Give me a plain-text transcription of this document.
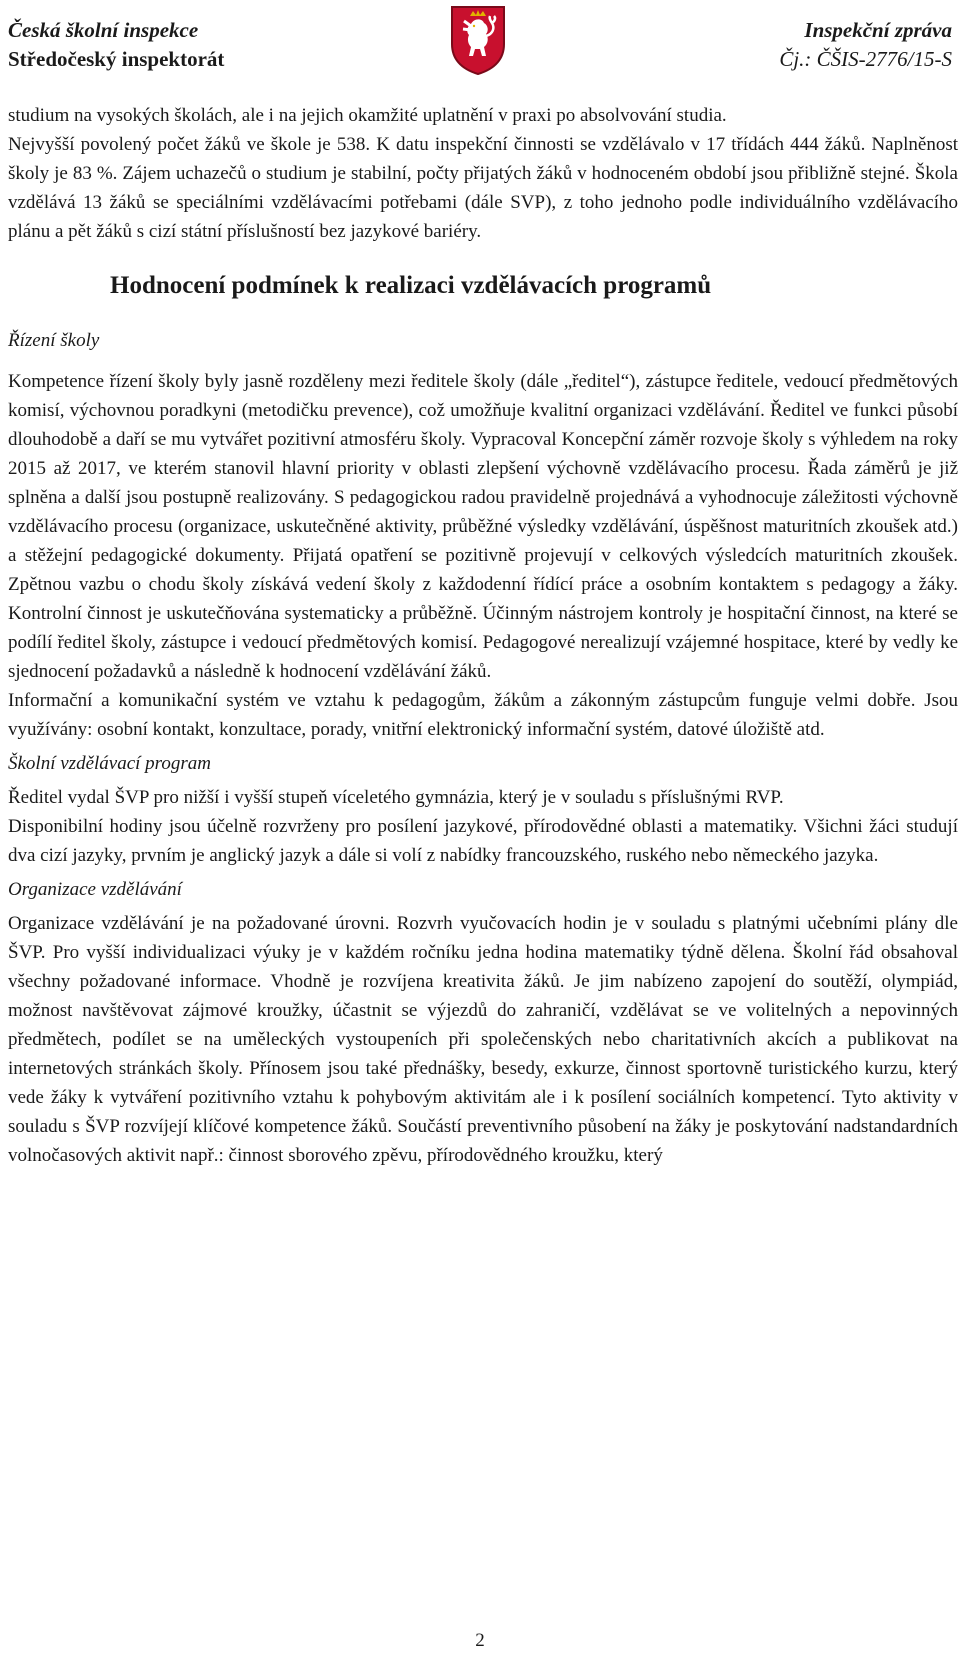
Česká školní inspekce
Středočeský inspektorát
Inspekční zpráva
Čj.: ČŠIS-2776/15-S

studium na vysokých školách, ale i na jejich okamžité uplatnění v praxi po absolvování studia.

Nejvyšší povolený počet žáků ve škole je 538. K datu inspekční činnosti se vzdělávalo v 17 třídách 444 žáků. Naplněnost školy je 83 %. Zájem uchazečů o studium je stabilní, počty přijatých žáků v hodnoceném období jsou přibližně stejné. Škola vzdělává 13 žáků se speciálními vzdělávacími potřebami (dále SVP), z toho jednoho podle individuálního vzdělávacího plánu a pět žáků s cizí státní příslušností bez jazykové bariéry.

Hodnocení podmínek k realizaci vzdělávacích programů

Řízení školy

Kompetence řízení školy byly jasně rozděleny mezi ředitele školy (dále „ředitel“), zástupce ředitele, vedoucí předmětových komisí, výchovnou poradkyni (metodičku prevence), což umožňuje kvalitní organizaci vzdělávání. Ředitel ve funkci působí dlouhodobě a daří se mu vytvářet pozitivní atmosféru školy. Vypracoval Koncepční záměr rozvoje školy s výhledem na roky 2015 až 2017, ve kterém stanovil hlavní priority v oblasti zlepšení výchovně vzdělávacího procesu. Řada záměrů je již splněna a další jsou postupně realizovány. S pedagogickou radou pravidelně projednává a vyhodnocuje záležitosti výchovně vzdělávacího procesu (organizace, uskutečněné aktivity, průběžné výsledky vzdělávání, úspěšnost maturitních zkoušek atd.) a stěžejní pedagogické dokumenty. Přijatá opatření se pozitivně projevují v celkových výsledcích maturitních zkoušek. Zpětnou vazbu o chodu školy získává vedení školy z každodenní řídící práce a osobním kontaktem s pedagogy a žáky. Kontrolní činnost je uskutečňována systematicky a průběžně. Účinným nástrojem kontroly je hospitační činnost, na které se podílí ředitel školy, zástupce i vedoucí předmětových komisí. Pedagogové nerealizují vzájemné hospitace, které by vedly ke sjednocení požadavků a následně k hodnocení vzdělávání žáků.

Informační a komunikační systém ve vztahu k pedagogům, žákům a zákonným zástupcům funguje velmi dobře. Jsou využívány: osobní kontakt, konzultace, porady, vnitřní elektronický informační systém, datové úložiště atd.

Školní vzdělávací program

Ředitel vydal ŠVP pro nižší i vyšší stupeň víceletého gymnázia, který je v souladu s příslušnými RVP.

Disponibilní hodiny jsou účelně rozvrženy pro posílení jazykové, přírodovědné oblasti a matematiky. Všichni žáci studují dva cizí jazyky, prvním je anglický jazyk a dále si volí z nabídky francouzského, ruského nebo německého jazyka.

Organizace vzdělávání

Organizace vzdělávání je na požadované úrovni. Rozvrh vyučovacích hodin je v souladu s platnými učebními plány dle ŠVP. Pro vyšší individualizaci výuky je v každém ročníku jedna hodina matematiky týdně dělena. Školní řád obsahoval všechny požadované informace. Vhodně je rozvíjena kreativita žáků. Je jim nabízeno zapojení do soutěží, olympiád, možnost navštěvovat zájmové kroužky, účastnit se výjezdů do zahraničí, vzdělávat se ve volitelných a nepovinných předmětech, podílet se na uměleckých vystoupeních při společenských nebo charitativních akcích a publikovat na internetových stránkách školy. Přínosem jsou také přednášky, besedy, exkurze, činnost sportovně turistického kurzu, který vede žáky k vytváření pozitivního vztahu k pohybovým aktivitám ale i k posílení sociálních kompetencí. Tyto aktivity v souladu s ŠVP rozvíjejí klíčové kompetence žáků. Součástí preventivního působení na žáky je poskytování nadstandardních volnočasových aktivit např.: činnost sborového zpěvu, přírodovědného kroužku, který

2
